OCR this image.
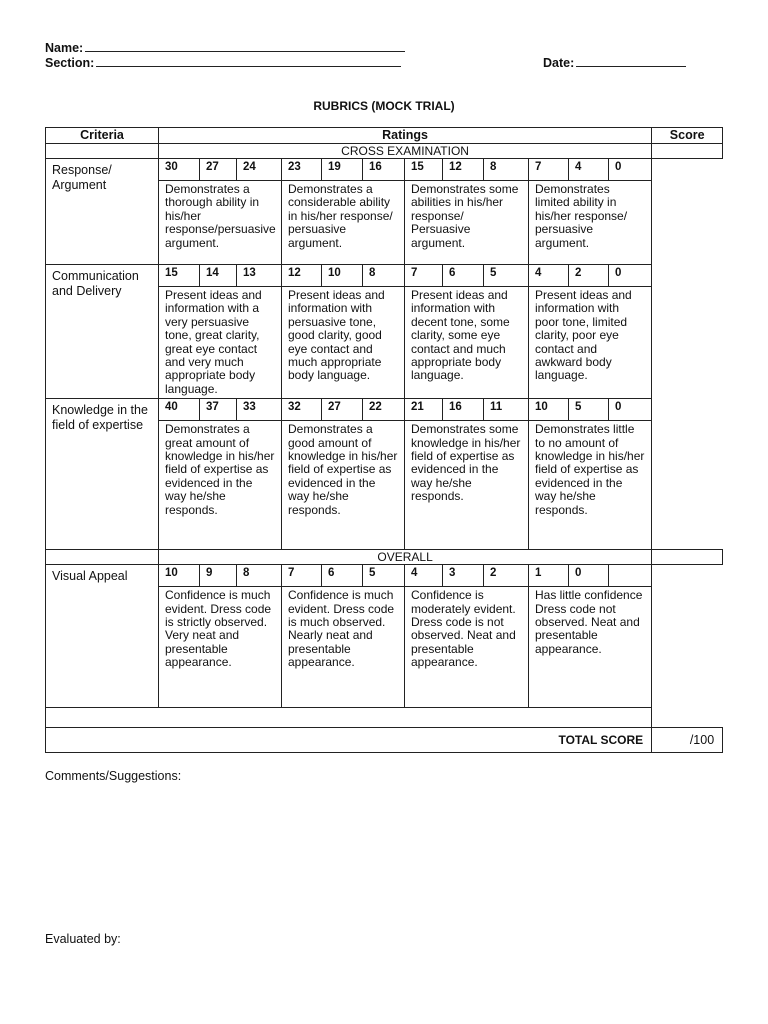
Name:
Section:	Date:
RUBRICS (MOCK TRIAL)
Criteria	Ratings												Score
	CROSS EXAMINATION												
Response/ Argument	30	27	24	23	19	16	15	12	8	7	4	0	
	Demonstrates a thorough ability in his/her response/persuasive argument.			Demonstrates a considerable ability in his/her response/ persuasive argument.			Demonstrates some abilities in his/her response/ Persuasive argument.			Demonstrates limited ability in his/her response/ persuasive argument.			
Communication and Delivery	15	14	13	12	10	8	7	6	5	4	2	0	
	Present ideas and information with a very persuasive tone, great clarity, great eye contact and very much appropriate body language.			Present ideas and information with persuasive tone, good clarity, good eye contact and much appropriate body language.			Present ideas and information with decent tone, some clarity, some eye contact and much appropriate body language.			Present ideas and information with poor tone, limited clarity, poor eye contact and awkward body language.			
Knowledge in the field of expertise	40	37	33	32	27	22	21	16	11	10	5	0	
	Demonstrates a great amount of knowledge in his/her field of expertise as evidenced in the way he/she responds.			Demonstrates a good amount of knowledge in his/her field of expertise as evidenced in the way he/she responds.			Demonstrates some knowledge in his/her field of expertise as evidenced in the way he/she responds.			Demonstrates little to no amount of knowledge in his/her field of expertise as evidenced in the way he/she responds.			
	OVERALL												
Visual Appeal	10	9	8	7	6	5	4	3	2	1	0		
	Confidence is much evident. Dress code is strictly observed. Very neat and presentable appearance.			Confidence is much evident. Dress code is much observed. Nearly neat and presentable appearance.			Confidence is moderately evident. Dress code is not observed. Neat and presentable appearance.			Has little confidence Dress code not observed. Neat and presentable appearance.			

TOTAL SCORE													/100
Comments/Suggestions:
Evaluated by:
